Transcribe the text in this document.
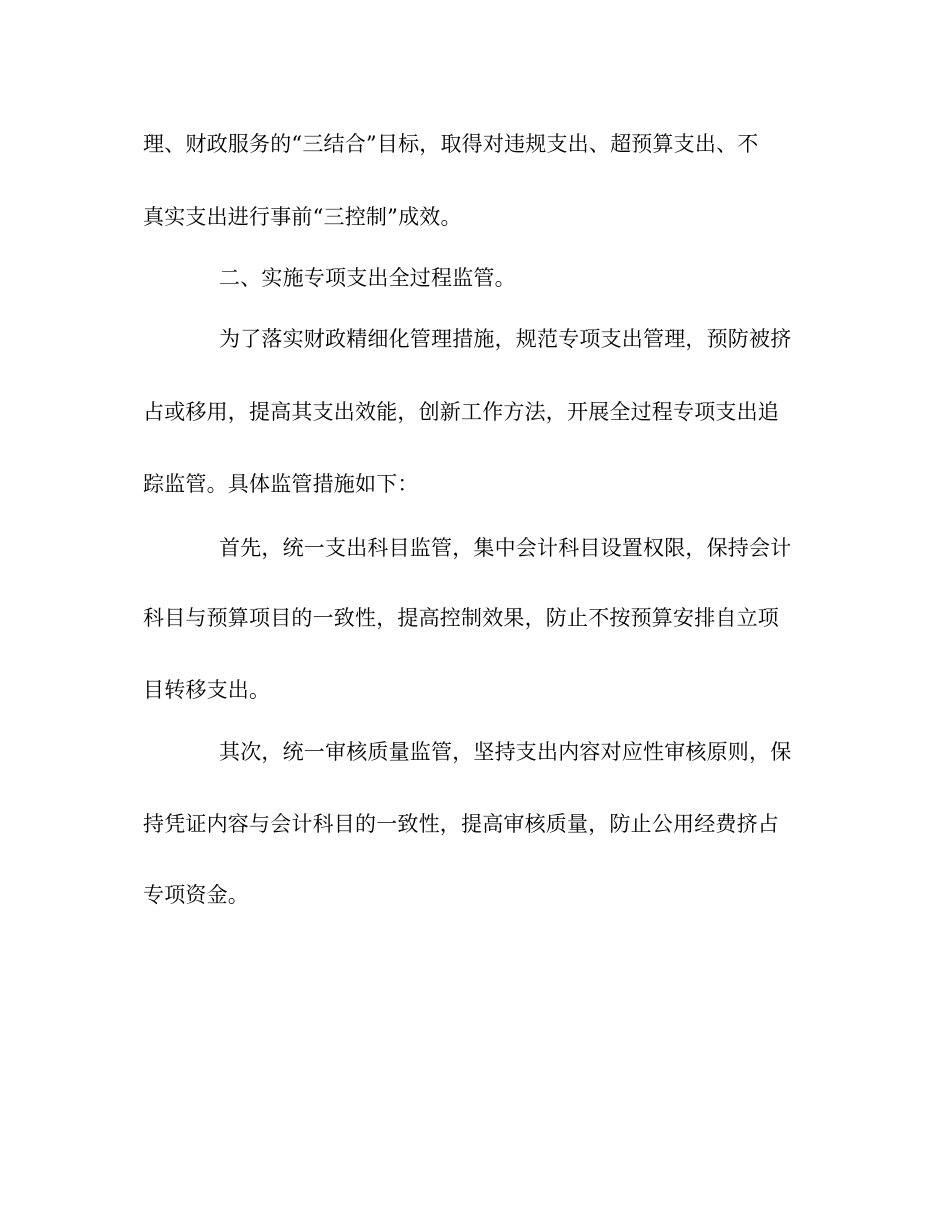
理、财政服务的“三结合”目标，取得对违规支出、超预算支出、不
真实支出进行事前“三控制”成效。
二、实施专项支出全过程监管。
为了落实财政精细化管理措施，规范专项支出管理，预防被挤
占或移用，提高其支出效能，创新工作方法，开展全过程专项支出追
踪监管。具体监管措施如下：
首先，统一支出科目监管，集中会计科目设置权限，保持会计
科目与预算项目的一致性，提高控制效果，防止不按预算安排自立项
目转移支出。
其次，统一审核质量监管，坚持支出内容对应性审核原则，保
持凭证内容与会计科目的一致性，提高审核质量，防止公用经费挤占
专项资金。
